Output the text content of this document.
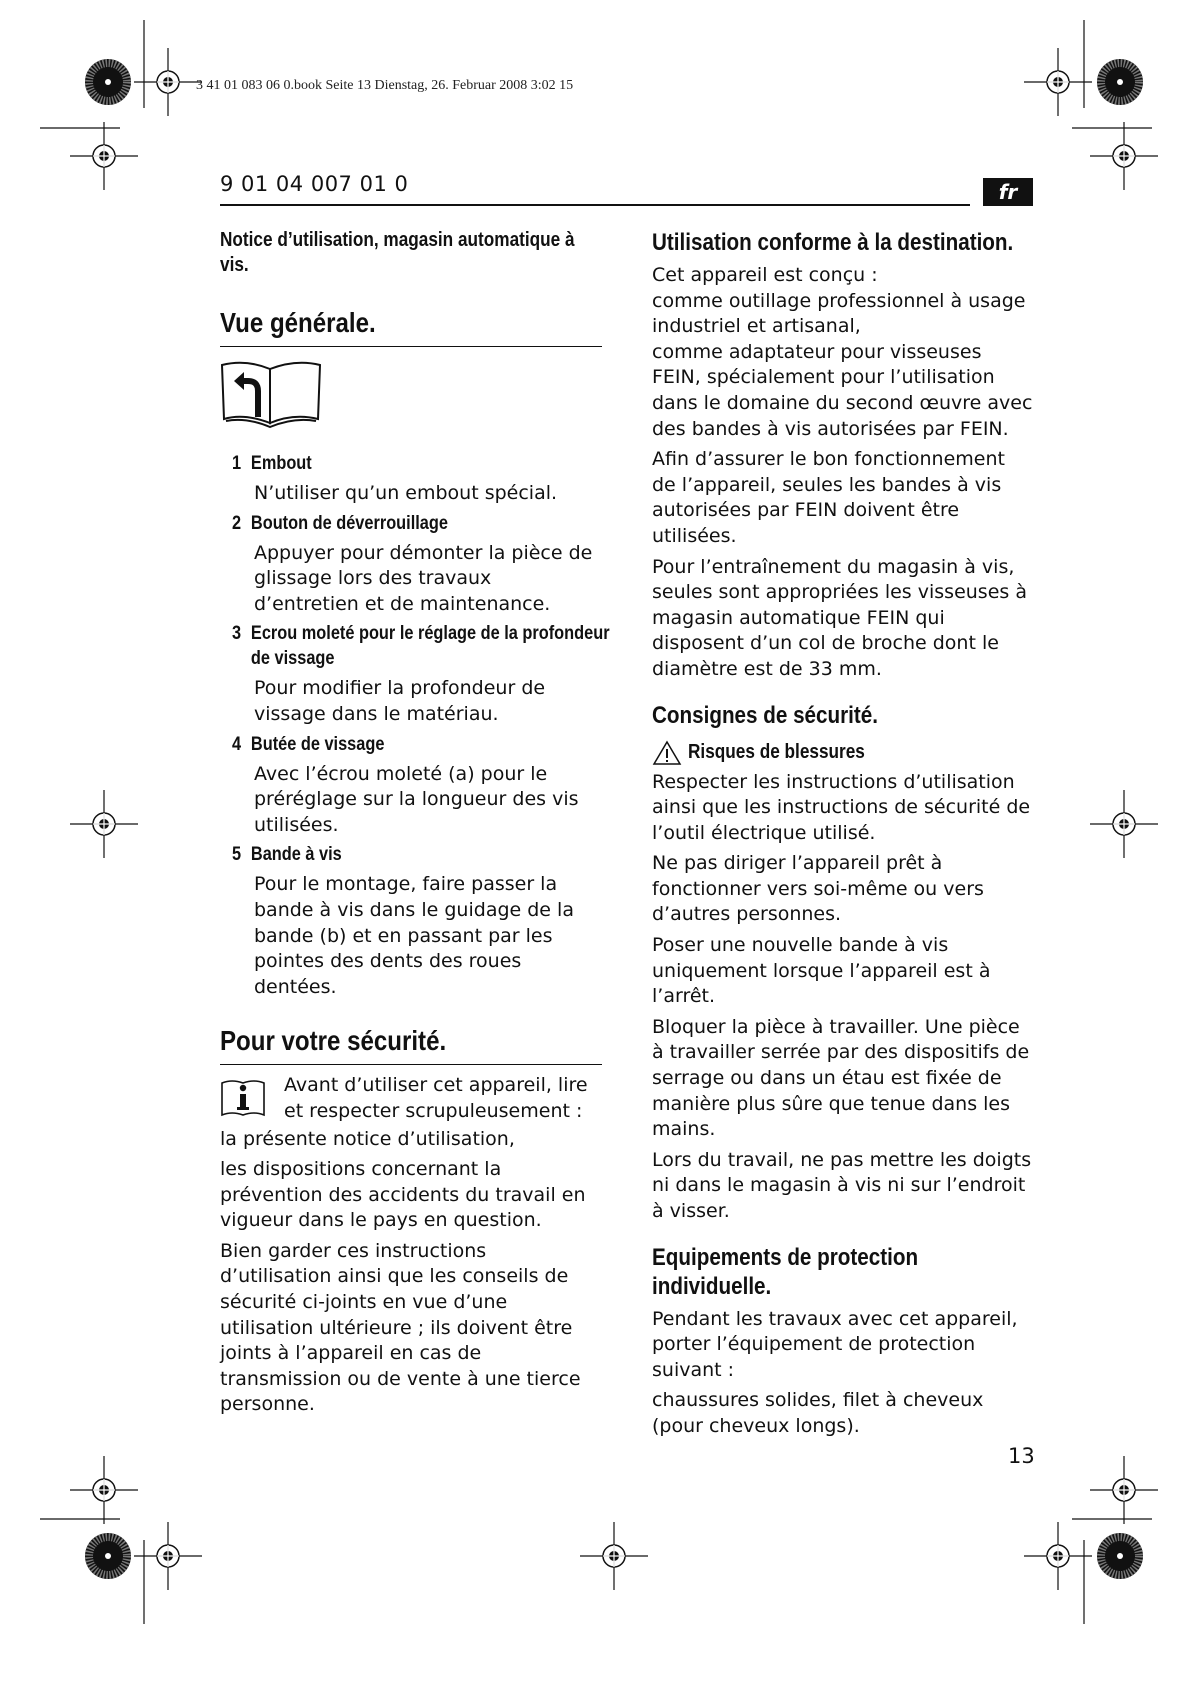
3 41 01 083 06 0.book Seite 13 Dienstag, 26. Februar 2008 3:02 15
9 01 04 007 01 0	fr

Notice d’utilisation, magasin automatique à vis.

Vue générale.

1 Embout

N’utiliser qu’un embout spécial.

2 Bouton de déverrouillage

Appuyer pour démonter la pièce de glissage lors des travaux d’entretien et de maintenance.

3 Ecrou moleté pour le réglage de la profondeur de vissage

Pour modifier la profondeur de vissage dans le matériau.

4 Butée de vissage

Avec l’écrou moleté (a) pour le préréglage sur la longueur des vis utilisées.

5 Bande à vis

Pour le montage, faire passer la bande à vis dans le guidage de la bande (b) et en passant par les pointes des dents des roues dentées.

Pour votre sécurité.

Avant d’utiliser cet appareil, lire et respecter scrupuleusement :

la présente notice d’utilisation,

les dispositions concernant la prévention des accidents du travail en vigueur dans le pays en question.

Bien garder ces instructions d’utilisation ainsi que les conseils de sécurité ci-joints en vue d’une utilisation ultérieure ; ils doivent être joints à l’appareil en cas de transmission ou de vente à une tierce personne.

Utilisation conforme à la destination.

Cet appareil est conçu :

comme outillage professionnel à usage industriel et artisanal,

comme adaptateur pour visseuses FEIN, spécialement pour l’utilisation dans le domaine du second œuvre avec des bandes à vis autorisées par FEIN.

Afin d’assurer le bon fonctionnement de l’appareil, seules les bandes à vis autorisées par FEIN doivent être utilisées.

Pour l’entraînement du magasin à vis, seules sont appropriées les visseuses à magasin automatique FEIN qui disposent d’un col de broche dont le diamètre est de 33 mm.

Consignes de sécurité.

Risques de blessures

Respecter les instructions d’utilisation ainsi que les instructions de sécurité de l’outil électrique utilisé.

Ne pas diriger l’appareil prêt à fonctionner vers soi-même ou vers d’autres personnes.

Poser une nouvelle bande à vis uniquement lorsque l’appareil est à l’arrêt.

Bloquer la pièce à travailler. Une pièce à travailler serrée par des dispositifs de serrage ou dans un étau est fixée de manière plus sûre que tenue dans les mains.

Lors du travail, ne pas mettre les doigts ni dans le magasin à vis ni sur l’endroit à visser.

Equipements de protection individuelle.

Pendant les travaux avec cet appareil, porter l’équipement de protection suivant :

chaussures solides, filet à cheveux (pour cheveux longs).

13
